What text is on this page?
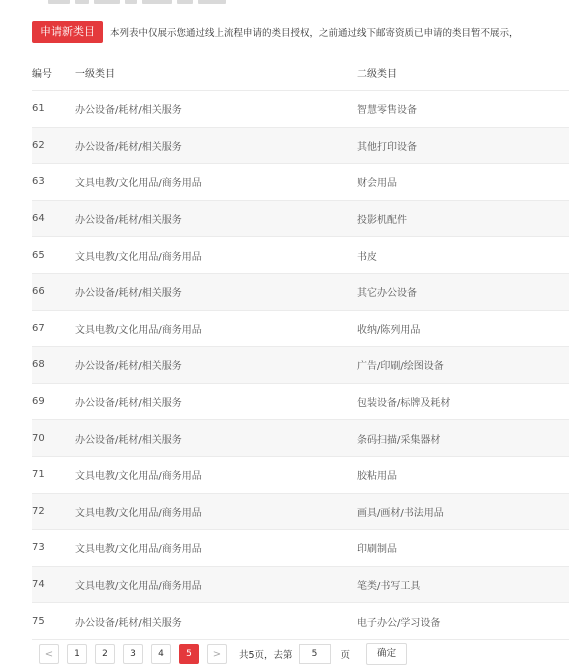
申请新类目	本列表中仅展示您通过线上流程申请的类目授权，之前通过线下邮寄资质已申请的类目暂不展示，
编号	一级类目	二级类目
61	办公设备/耗材/相关服务	智慧零售设备
62	办公设备/耗材/相关服务	其他打印设备
63	文具电教/文化用品/商务用品	财会用品
64	办公设备/耗材/相关服务	投影机配件
65	文具电教/文化用品/商务用品	书皮
66	办公设备/耗材/相关服务	其它办公设备
67	文具电教/文化用品/商务用品	收纳/陈列用品
68	办公设备/耗材/相关服务	广告/印刷/绘图设备
69	办公设备/耗材/相关服务	包装设备/标牌及耗材
70	办公设备/耗材/相关服务	条码扫描/采集器材
71	文具电教/文化用品/商务用品	胶粘用品
72	文具电教/文化用品/商务用品	画具/画材/书法用品
73	文具电教/文化用品/商务用品	印刷制品
74	文具电教/文化用品/商务用品	笔类/书写工具
75	办公设备/耗材/相关服务	电子办公/学习设备
<	1	2	3	4	5	>	共5页，去第	5	页	确定
